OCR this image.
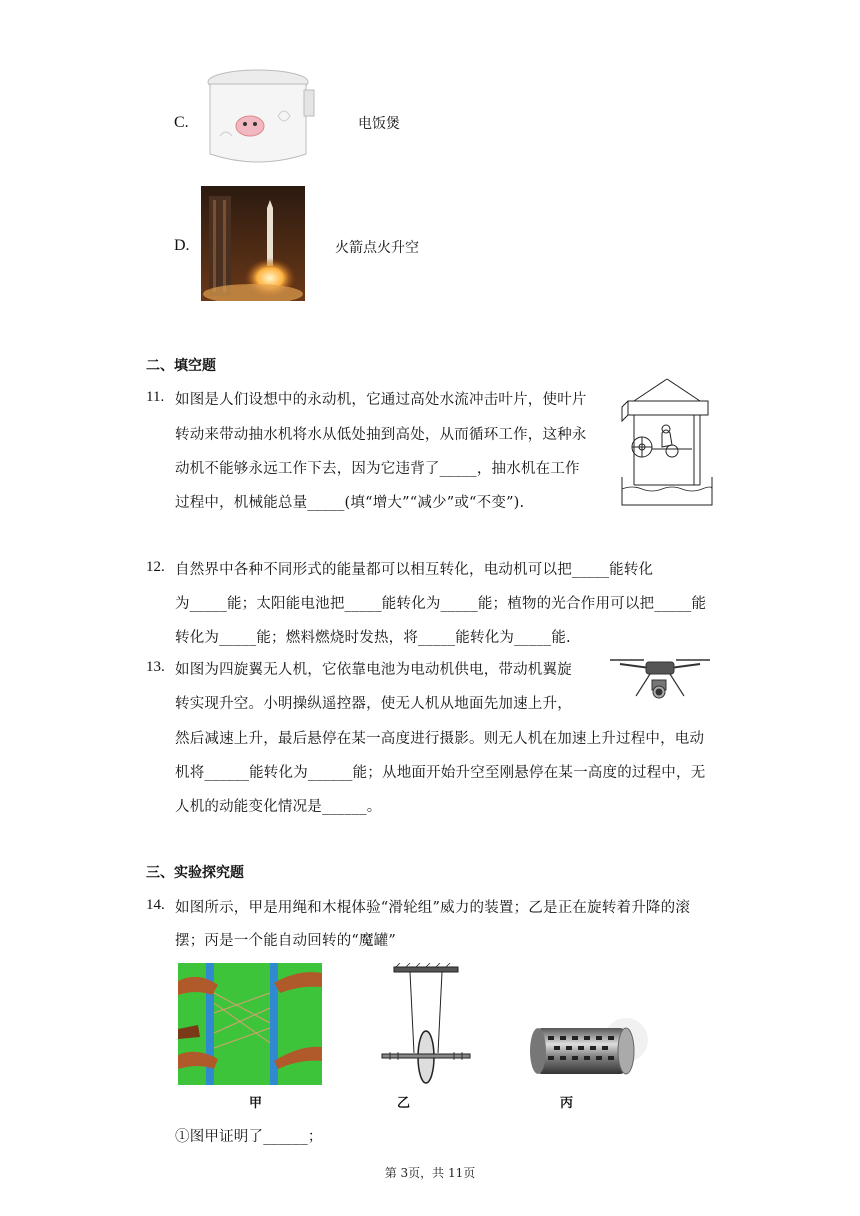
C.	电饭煲
D.	火箭点火升空
二、填空题
11. 如图是人们设想中的永动机，它通过高处水流冲击叶片，使叶片
转动来带动抽水机将水从低处抽到高处，从而循环工作，这种永
动机不能够永远工作下去，因为它违背了_____，抽水机在工作
过程中，机械能总量_____(填“增大”“减少”或“不变”).
12. 自然界中各种不同形式的能量都可以相互转化，电动机可以把_____能转化
为_____能；太阳能电池把_____能转化为_____能；植物的光合作用可以把_____能
转化为_____能；燃料燃烧时发热，将_____能转化为_____能.
13. 如图为四旋翼无人机，它依靠电池为电动机供电，带动机翼旋
转实现升空。小明操纵遥控器，使无人机从地面先加速上升，
然后减速上升，最后悬停在某一高度进行摄影。则无人机在加速上升过程中，电动
机将______能转化为______能；从地面开始升空至刚悬停在某一高度的过程中，无
人机的动能变化情况是______。
三、实验探究题
14. 如图所示，甲是用绳和木棍体验“滑轮组”威力的装置；乙是正在旋转着升降的滚
摆；丙是一个能自动回转的“魔罐”
甲	乙	丙
①图甲证明了______；
第 3页，共 11页
